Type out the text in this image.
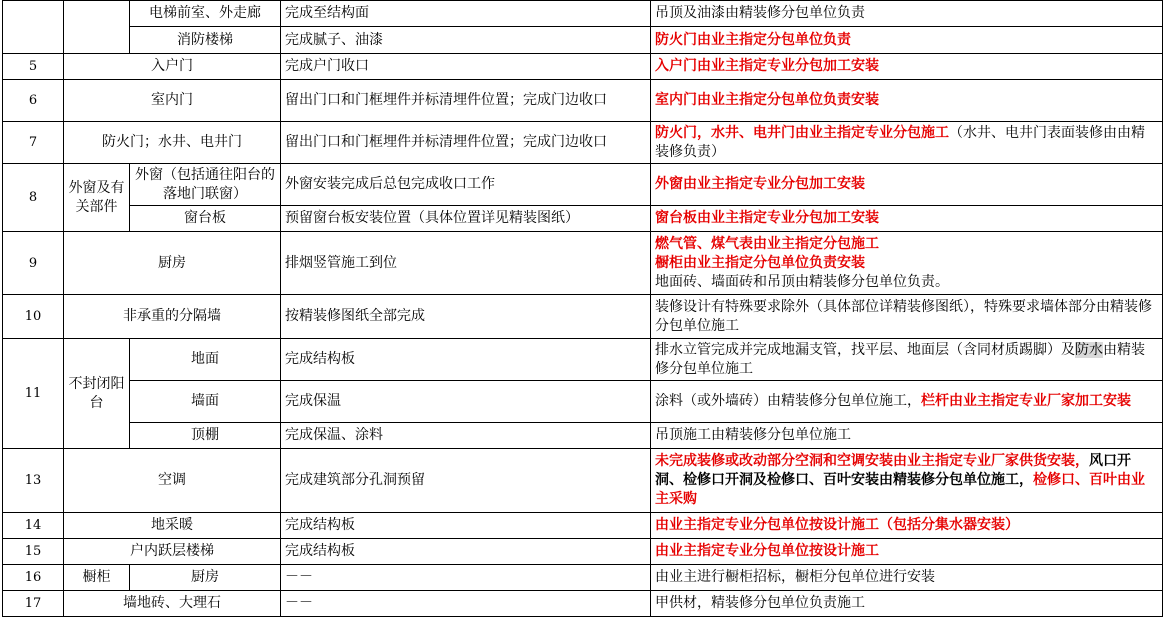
		电梯前室、外走廊	完成至结构面	吊顶及油漆由精装修分包单位负责
		消防楼梯	完成腻子、油漆	防火门由业主指定分包单位负责
5	入户门		完成户门收口	入户门由业主指定专业分包加工安装
6	室内门		留出门口和门框埋件并标清埋件位置；完成门边收口	室内门由业主指定分包单位负责安装
7	防火门；水井、电井门		留出门口和门框埋件并标清埋件位置；完成门边收口	防火门，水井、电井门由业主指定专业分包施工（水井、电井门表面装修由由精装修负责）
8	外窗及有关部件	外窗（包括通往阳台的落地门联窗）	外窗安装完成后总包完成收口工作	外窗由业主指定专业分包加工安装
		窗台板	预留窗台板安装位置（具体位置详见精装图纸）	窗台板由业主指定专业分包加工安装
9	厨房		排烟竖管施工到位	燃气管、煤气表由业主指定分包施工
橱柜由业主指定分包单位负责安装
地面砖、墙面砖和吊顶由精装修分包单位负责。

10	非承重的分隔墙		按精装修图纸全部完成	装修设计有特殊要求除外（具体部位详精装修图纸），特殊要求墙体部分由精装修分包单位施工
11	不封闭阳台	地面	完成结构板	排水立管完成并完成地漏支管，找平层、地面层（含同材质踢脚）及防水由精装修分包单位施工
		墙面	完成保温	涂料（或外墙砖）由精装修分包单位施工，栏杆由业主指定专业厂家加工安装
		顶棚	完成保温、涂料	吊顶施工由精装修分包单位施工
13	空调		完成建筑部分孔洞预留	未完成装修或改动部分空洞和空调安装由业主指定专业厂家供货安装，风口开洞、检修口开洞及检修口、百叶安装由精装修分包单位施工，检修口、百叶由业主采购
14	地采暖		完成结构板	由业主指定专业分包单位按设计施工（包括分集水器安装）
15	户内跃层楼梯		完成结构板	由业主指定专业分包单位按设计施工
16	橱柜	厨房	－－	由业主进行橱柜招标，橱柜分包单位进行安装
17	墙地砖、大理石		－－	甲供材，精装修分包单位负责施工
